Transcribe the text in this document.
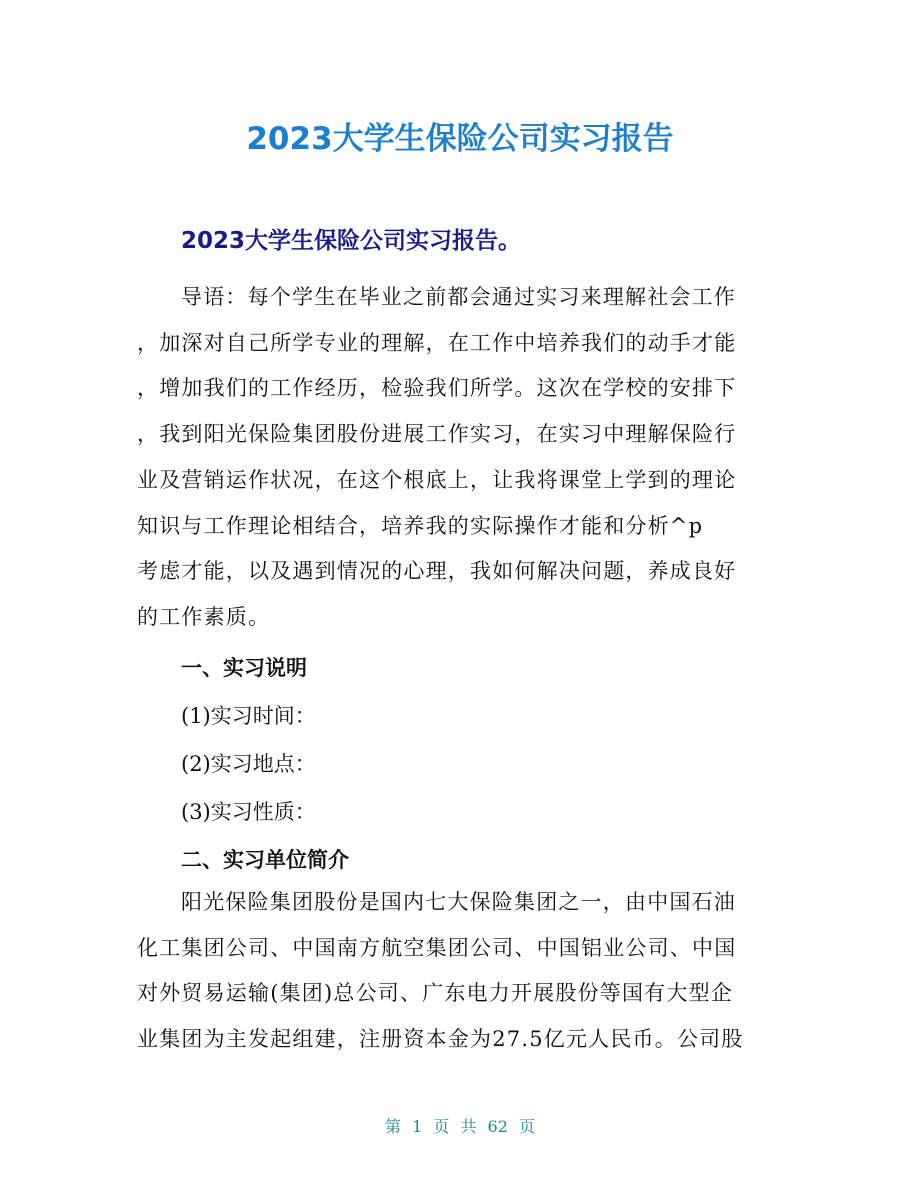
2023大学生保险公司实习报告
2023大学生保险公司实习报告。
导语：每个学生在毕业之前都会通过实习来理解社会工作
，加深对自己所学专业的理解，在工作中培养我们的动手才能
，增加我们的工作经历，检验我们所学。这次在学校的安排下
，我到阳光保险集团股份进展工作实习，在实习中理解保险行
业及营销运作状况，在这个根底上，让我将课堂上学到的理论
知识与工作理论相结合，培养我的实际操作才能和分析^p
考虑才能，以及遇到情况的心理，我如何解决问题，养成良好
的工作素质。
一、实习说明
(1)实习时间：
(2)实习地点：
(3)实习性质：
二、实习单位简介
阳光保险集团股份是国内七大保险集团之一，由中国石油
化工集团公司、中国南方航空集团公司、中国铝业公司、中国
对外贸易运输(集团)总公司、广东电力开展股份等国有大型企
业集团为主发起组建，注册资本金为27.5亿元人民币。公司股
第 1 页 共 62 页
